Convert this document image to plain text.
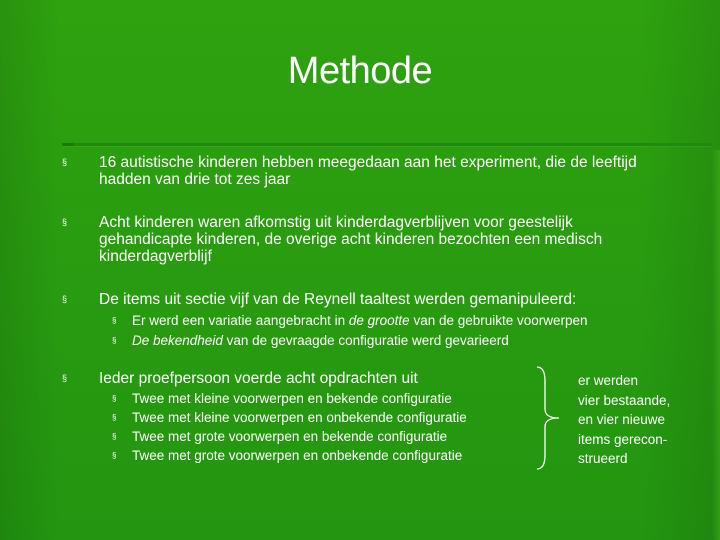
Methode
§ 16 autistische kinderen hebben meegedaan aan het experiment, die de leeftijd
hadden van drie tot zes jaar
§ Acht kinderen waren afkomstig uit kinderdagverblijven voor geestelijk
gehandicapte kinderen, de overige acht kinderen bezochten een medisch
kinderdagverblijf
§ De items uit sectie vijf van de Reynell taaltest werden gemanipuleerd:
§ Er werd een variatie aangebracht in de grootte van de gebruikte voorwerpen
§ De bekendheid van de gevraagde configuratie werd gevarieerd
§ Ieder proefpersoon voerde acht opdrachten uit
§ Twee met kleine voorwerpen en bekende configuratie
§ Twee met kleine voorwerpen en onbekende configuratie
§ Twee met grote voorwerpen en bekende configuratie
§ Twee met grote voorwerpen en onbekende configuratie
er werden
vier bestaande,
en vier nieuwe
items gerecon-
strueerd
